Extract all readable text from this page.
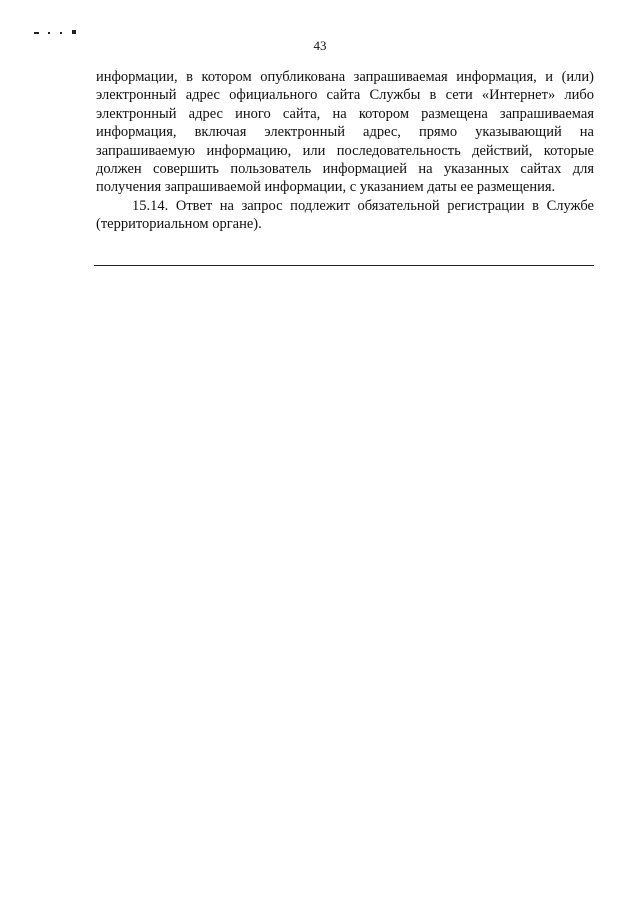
43

информации, в котором опубликована запрашиваемая информация, и (или) электронный адрес официального сайта Службы в сети «Интернет» либо электронный адрес иного сайта, на котором размещена запрашиваемая информация, включая электронный адрес, прямо указывающий на запрашиваемую информацию, или последовательность действий, которые должен совершить пользователь информацией на указанных сайтах для получения запрашиваемой информации, с указанием даты ее размещения.

15.14. Ответ на запрос подлежит обязательной регистрации в Службе (территориальном органе).
